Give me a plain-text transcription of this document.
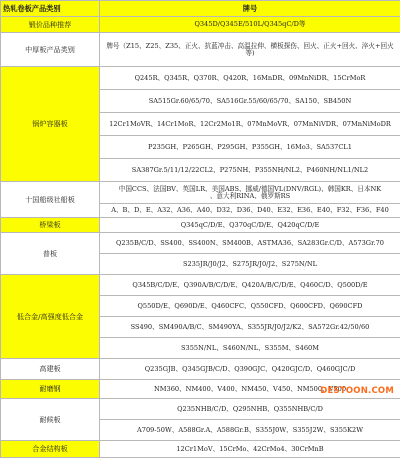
热轧卷板产品类别	牌号
锻价品种推荐	Q345D/Q345E/510L/Q345qC/D等
中厚板产品类别	牌号（Z15、Z25、Z35、正火、抗蓝冲击、高温拉伸、横板探伤、回火、正火+回火、淬火+回火等)

锅炉容器板	Q245R、Q345R、Q370R、Q420R、16MnDR、09MnNiDR、15CrMoR
	SA515Gr.60/65/70、SA516Gr.55/60/65/70、SA150、SB450N
	12Cr1MoVR、14Cr1MoR、12Cr2Mo1R、07MnMoVR、07MnNiVDR、07MnNiMoDR
	P235GH、P265GH、P295GH、P355GH、16Mo3、SA537CL1
	SA387Gr.5/11/12/22CL2、P275NH、P355NH/NL2、P460NH/NL1/NL2
十国船级社船板	中国CCS、法国BV、英国LR、美国ABS、挪威/德国VL(DNV/RGL)、韩国KR、日本NK
、意大利RINA、俄罗斯RS

	A、B、D、E、A32、A36、A40、D32、D36、D40、E32、E36、E40、F32、F36、F40
桥梁板	Q345qC/D/E、Q370qC/D/E、Q420qC/D/E
普板	Q235B/C/D、SS400、SS400N、SM400B、ASTMA36、SA283Gr.C/D、A573Gr.70
	S235JR/J0/J2、S275JR/J0/J2、S275N/NL
低合金/高强度低合金	Q345B/C/D/E、Q390A/B/C/D/E、Q420A/B/C/D/E、Q460C/D、Q500D/E
	Q550D/E、Q690D/E、Q460CFC、Q550CFD、Q600CFD、Q690CFD
	SS490、SM490A/B/C、SM490YA、S355JR/J0/J2/K2、SA572Gr.42/50/60
	S355N/NL、S460N/NL、S355M、S460M
高建板	Q235GJB、Q345GJB/C/D、Q390GJC、Q420GJC/D、Q460GJC/D
耐磨钢	NM360、NM400、V400、NM450、V450、NM500、V500
耐候板	Q235NHB/C/D、Q295NHB、Q355NHB/C/D
	A709-50W、A588Gr.A、A588Gr.B、S355J0W、S355J2W、S355K2W
合金结构板	12Cr1MoV、15CrMo、42CrMo4、30CrMnB
DESTOON.COM
